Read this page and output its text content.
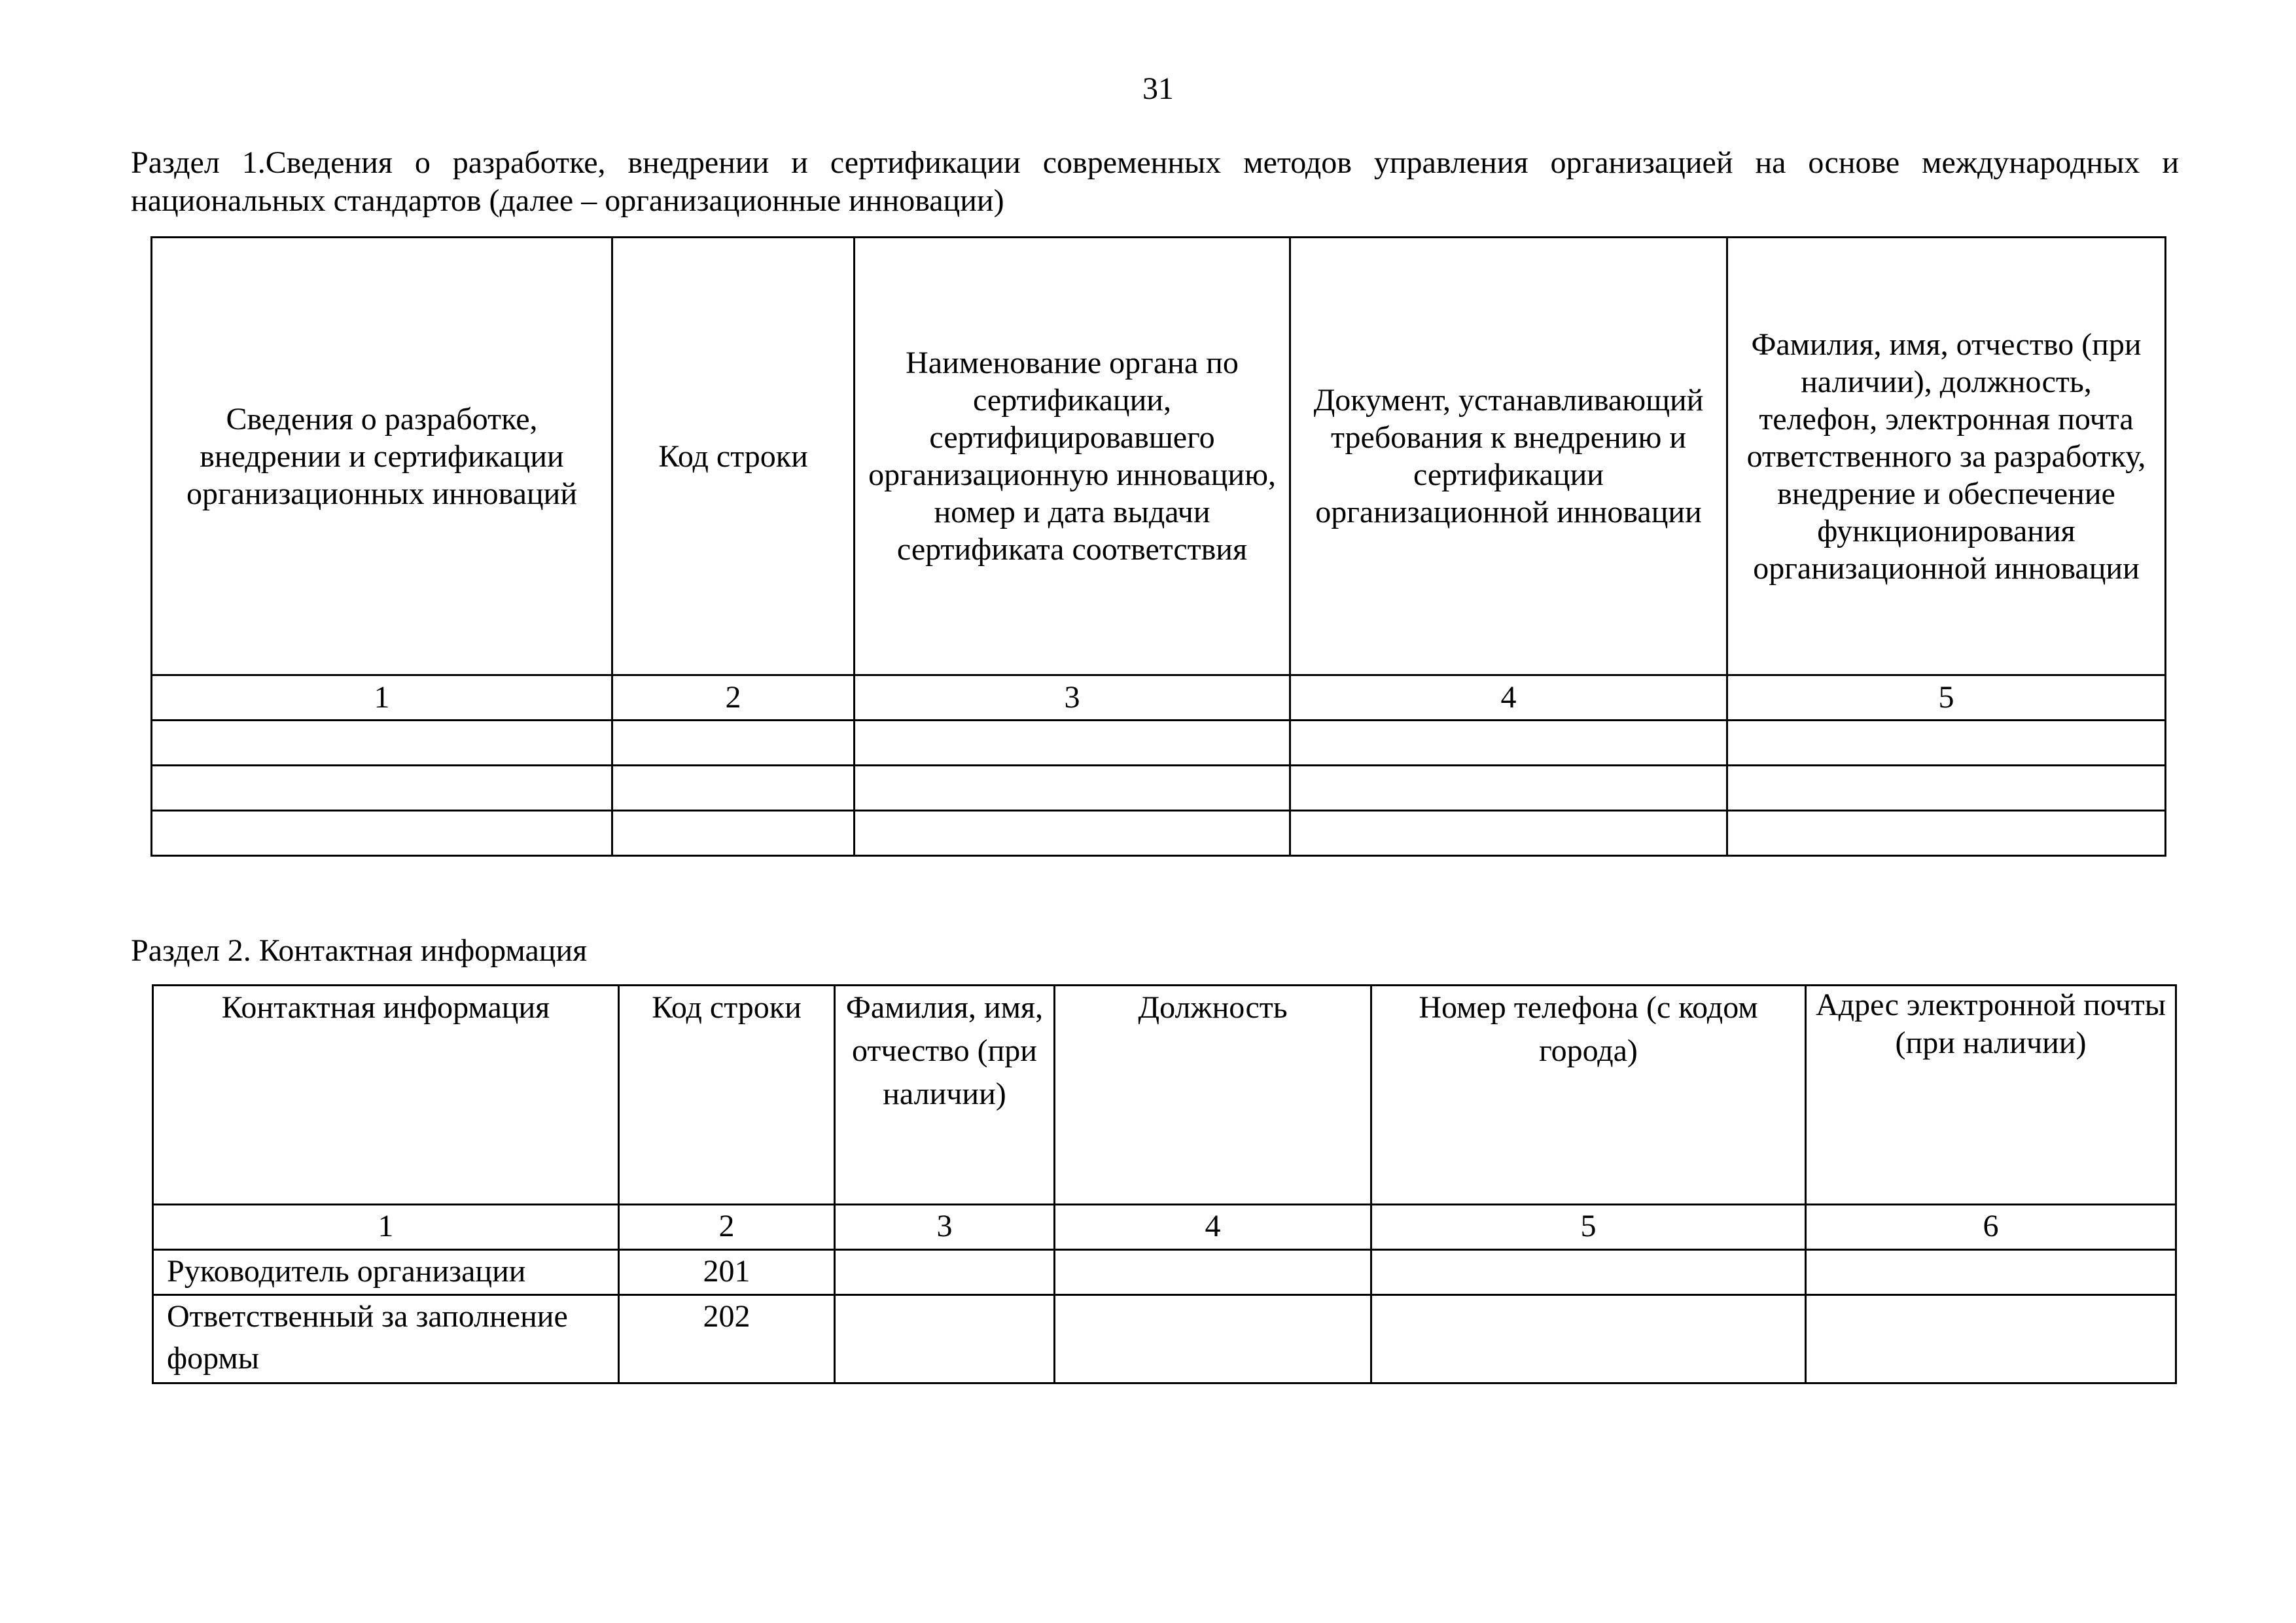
31
Раздел 1.Сведения о разработке, внедрении и сертификации современных методов управления организацией на основе международных и национальных стандартов (далее – организационные инновации)
Сведения о разработке, внедрении и сертификации организационных инноваций	Код строки	Наименование органа по сертификации, сертифицировавшего организационную инновацию, номер и дата выдачи сертификата соответствия	Документ, устанавливающий требования к внедрению и сертификации организационной инновации	Фамилия, имя, отчество (при наличии), должность, телефон, электронная почта ответственного за разработку, внедрение и обеспечение функционирования организационной инновации
1	2	3	4	5

Раздел 2. Контактная информация
Контактная информация	Код строки	Фамилия, имя, отчество (при наличии)	Должность	Номер телефона (с кодом города)	Адрес электронной почты (при наличии)
1	2	3	4	5	6
Руководитель организации	201				
Ответственный за заполнение формы	202				
